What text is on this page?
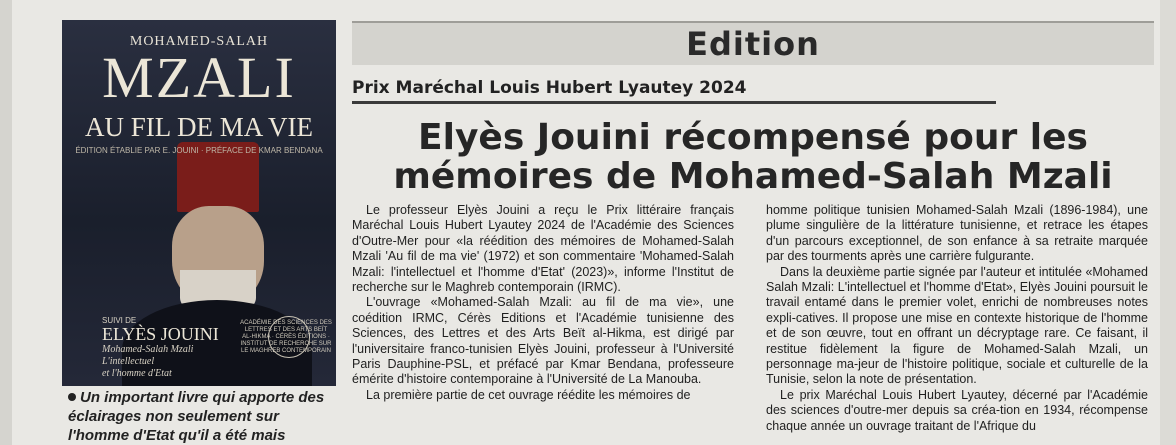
MOHAMED-SALAH
MZALI
AU FIL DE MA VIE
ÉDITION ÉTABLIE PAR E. JOUINI · PRÉFACE DE KMAR BENDANA
SUIVI DE
ELYÈS JOUINI
Mohamed-Salah Mzali
L'intellectuel
et l'homme d'Etat
ACADÉMIE DES SCIENCES DES LETTRES ET DES ARTS BEÏT AL-HIKMA · CÉRÈS ÉDITIONS · INSTITUT DE RECHERCHE SUR LE MAGHREB CONTEMPORAIN
Un important livre qui apporte des éclairages non seulement sur l'homme d'Etat qu'il a été mais
Edition
Prix Maréchal Louis Hubert Lyautey 2024
Elyès Jouini récompensé pour les mémoires de Mohamed-Salah Mzali

Le professeur Elyès Jouini a reçu le Prix littéraire français Maréchal Louis Hubert Lyautey 2024 de l'Académie des Sciences d'Outre-Mer pour «la réédition des mémoires de Mohamed-Salah Mzali 'Au fil de ma vie' (1972) et son commentaire 'Mohamed-Salah Mzali: l'intellectuel et l'homme d'Etat' (2023)», informe l'Institut de recherche sur le Maghreb contemporain (IRMC).

L'ouvrage «Mohamed-Salah Mzali: au fil de ma vie», une coédition IRMC, Cérès Editions et l'Académie tunisienne des Sciences, des Lettres et des Arts Beït al-Hikma, est dirigé par l'universitaire franco-tunisien Elyès Jouini, professeur à l'Université Paris Dauphine-PSL, et préfacé par Kmar Bendana, professeure émérite d'histoire contemporaine à l'Université de La Manouba.

La première partie de cet ouvrage réédite les mémoires de

homme politique tunisien Mohamed-Salah Mzali (1896-1984), une plume singulière de la littérature tunisienne, et retrace les étapes d'un parcours exceptionnel, de son enfance à sa retraite marquée par des tourments après une carrière fulgurante.

Dans la deuxième partie signée par l'auteur et intitulée «Mohamed Salah Mzali: L'intellectuel et l'homme d'Etat», Elyès Jouini poursuit le travail entamé dans le premier volet, enrichi de nombreuses notes expli-catives. Il propose une mise en contexte historique de l'homme et de son œuvre, tout en offrant un décryptage rare. Ce faisant, il restitue fidèlement la figure de Mohamed-Salah Mzali, un personnage ma-jeur de l'histoire politique, sociale et culturelle de la Tunisie, selon la note de présentation.

Le prix Maréchal Louis Hubert Lyautey, décerné par l'Académie des sciences d'outre-mer depuis sa créa-tion en 1934, récompense chaque année un ouvrage traitant de l'Afrique du
